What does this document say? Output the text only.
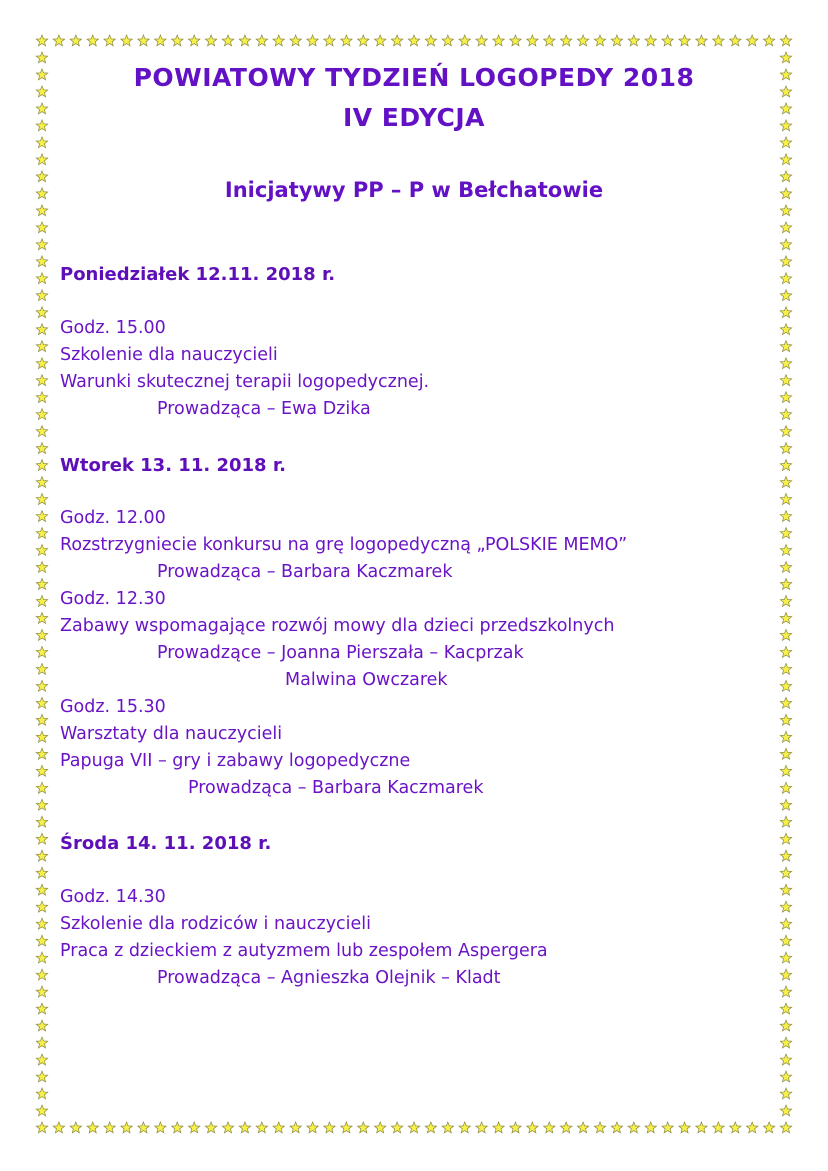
POWIATOWY TYDZIEŃ LOGOPEDY 2018
IV EDYCJA
Inicjatywy PP – P w Bełchatowie
Poniedziałek 12.11. 2018 r.
Godz. 15.00
Szkolenie dla nauczycieli
Warunki skutecznej terapii logopedycznej.
Prowadząca – Ewa Dzika
Wtorek 13. 11. 2018 r.
Godz. 12.00
Rozstrzygniecie konkursu na grę logopedyczną „POLSKIE MEMO”
Prowadząca – Barbara Kaczmarek
Godz. 12.30
Zabawy wspomagające rozwój mowy dla dzieci przedszkolnych
Prowadzące – Joanna Pierszała – Kacprzak
Malwina Owczarek
Godz. 15.30
Warsztaty dla nauczycieli
Papuga VII – gry i zabawy logopedyczne
Prowadząca – Barbara Kaczmarek
Środa 14. 11. 2018 r.
Godz. 14.30
Szkolenie dla rodziców i nauczycieli
Praca z dzieckiem z autyzmem lub zespołem Aspergera
Prowadząca – Agnieszka Olejnik – Kladt
